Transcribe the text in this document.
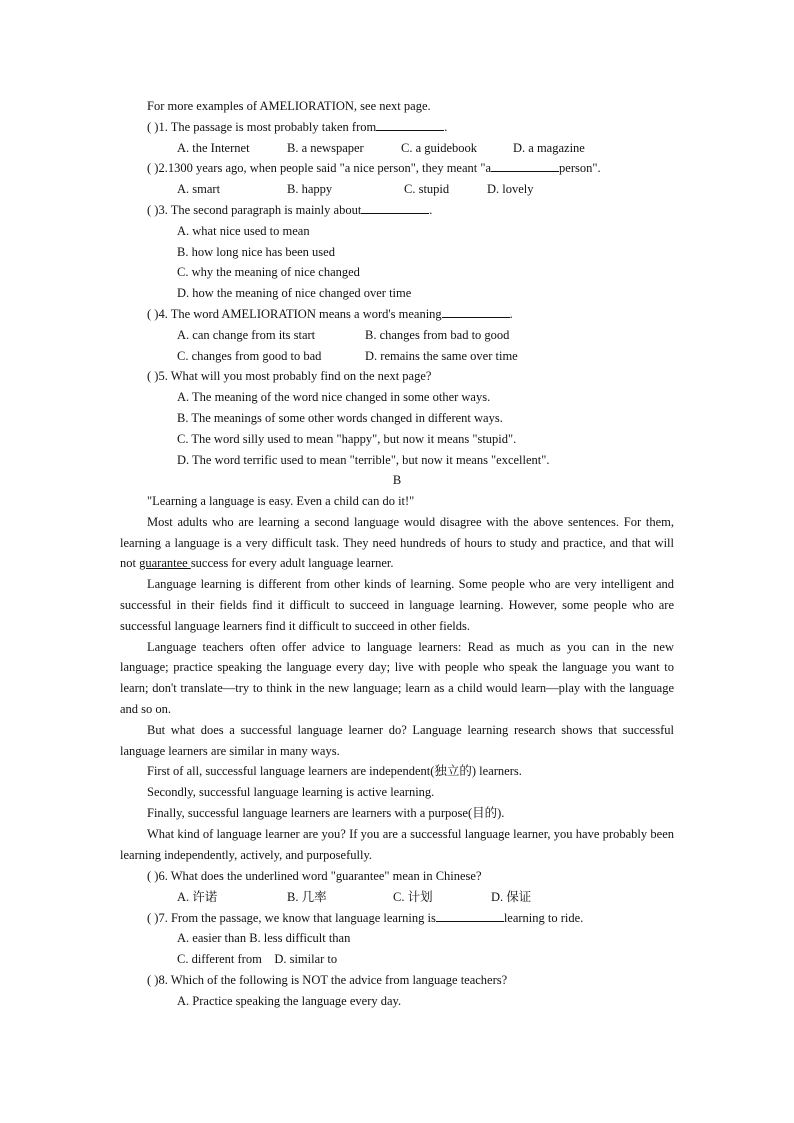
For more examples of AMELIORATION, see next page.
( )1. The passage is most probably taken from	.
A. the Internet	B. a newspaper	C. a guidebook	D. a magazine
( )2.1300 years ago, when people said "a nice person", they meant "a	person".
A. smart	B. happy	C. stupid	D. lovely
( )3. The second paragraph is mainly about	.
A. what nice used to mean
B. how long nice has been used
C. why the meaning of nice changed
D. how the meaning of nice changed over time
( )4. The word AMELIORATION means a word's meaning	.
A. can change from its start	B. changes from bad to good
C. changes from good to bad	D. remains the same over time
( )5. What will you most probably find on the next page?
A. The meaning of the word nice changed in some other ways.
B. The meanings of some other words changed in different ways.
C. The word silly used to mean "happy", but now it means "stupid".
D. The word terrific used to mean "terrible", but now it means "excellent".
B
"Learning a language is easy. Even a child can do it!"
Most adults who are learning a second language would disagree with the above sentences. For them, learning a language is a very difficult task. They need hundreds of hours to study and practice, and that will not guarantee success for every adult language learner.
Language learning is different from other kinds of learning. Some people who are very intelligent and successful in their fields find it difficult to succeed in language learning. However, some people who are successful language learners find it difficult to succeed in other fields.
Language teachers often offer advice to language learners: Read as much as you can in the new language; practice speaking the language every day; live with people who speak the language you want to learn; don't translate—try to think in the new language; learn as a child would learn—play with the language and so on.
But what does a successful language learner do? Language learning research shows that successful language learners are similar in many ways.
First of all, successful language learners are independent(独立的) learners.
Secondly, successful language learning is active learning.
Finally, successful language learners are learners with a purpose(目的).
What kind of language learner are you? If you are a successful language learner, you have probably been learning independently, actively, and purposefully.
( )6. What does the underlined word "guarantee" mean in Chinese?
A. 许诺	B. 几率	C. 计划	D. 保证
( )7. From the passage, we know that language learning is	learning to ride.
A. easier than B. less difficult than
C. different from    D. similar to
( )8. Which of the following is NOT the advice from language teachers?
A. Practice speaking the language every day.
